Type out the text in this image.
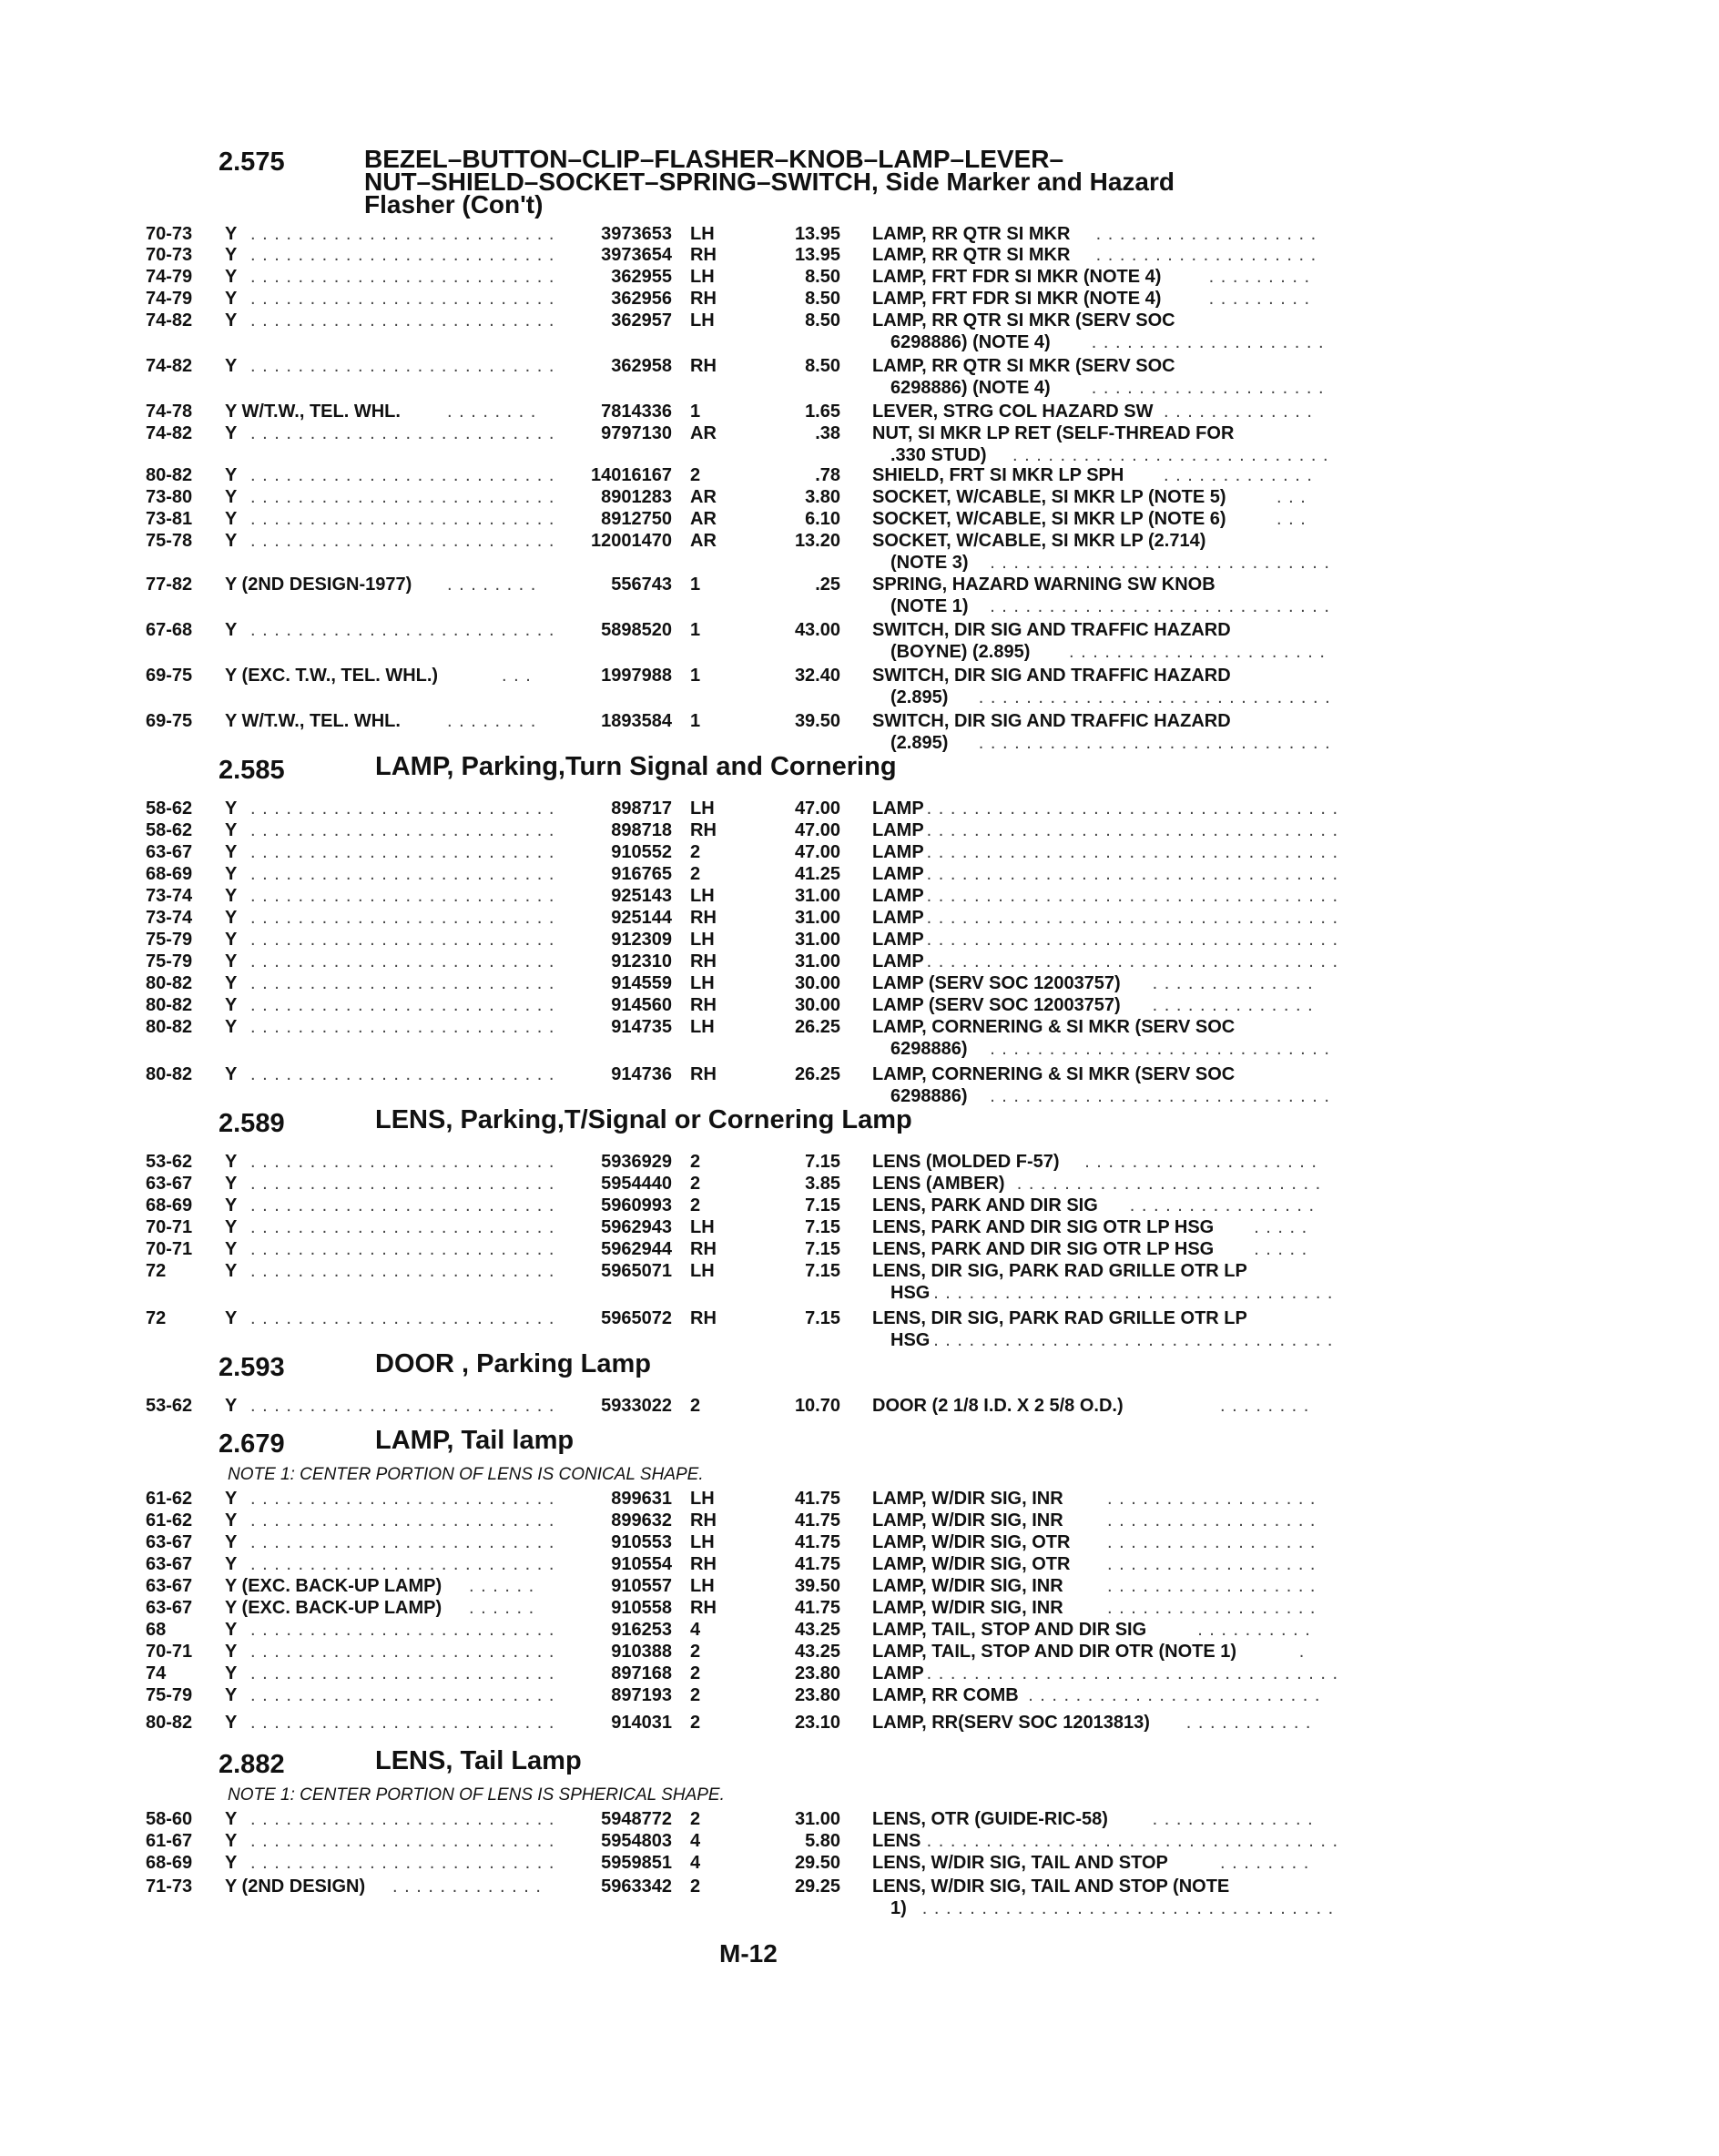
2.575	BEZEL–BUTTON–CLIP–FLASHER–KNOB–LAMP–LEVER–
NUT–SHIELD–SOCKET–SPRING–SWITCH, Side Marker and Hazard
Flasher (Con't)
70-73 Y . . . . . . . . . . . . . . . . . . . . . . . . . .	3973653 LH	13.95 LAMP, RR QTR SI MKR . . . . . . . . . . . . . . . . . . .
70-73 Y . . . . . . . . . . . . . . . . . . . . . . . . . .	3973654 RH	13.95 LAMP, RR QTR SI MKR . . . . . . . . . . . . . . . . . . .
74-79 Y . . . . . . . . . . . . . . . . . . . . . . . . . .	362955 LH	8.50 LAMP, FRT FDR SI MKR (NOTE 4)	. . . . . . . . .
74-79 Y . . . . . . . . . . . . . . . . . . . . . . . . . .	362956 RH	8.50 LAMP, FRT FDR SI MKR (NOTE 4)	. . . . . . . . .
74-82 Y . . . . . . . . . . . . . . . . . . . . . . . . . .	362957 LH	8.50 LAMP, RR QTR SI MKR (SERV SOC
6298886) (NOTE 4) . . . . . . . . . . . . . . . . . . . .
74-82 Y . . . . . . . . . . . . . . . . . . . . . . . . . .	362958 RH	8.50 LAMP, RR QTR SI MKR (SERV SOC
6298886) (NOTE 4) . . . . . . . . . . . . . . . . . . . .
74-78 Y W/T.W., TEL. WHL.	. . . . . . . .	7814336 1	1.65 LEVER, STRG COL HAZARD SW . . . . . . . . . . . . .
74-82 Y . . . . . . . . . . . . . . . . . . . . . . . . . .	9797130 AR	.38 NUT, SI MKR LP RET (SELF-THREAD FOR
.330 STUD) . . . . . . . . . . . . . . . . . . . . . . . . . . .
80-82 Y . . . . . . . . . . . . . . . . . . . . . . . . . . 14016167 2	.78 SHIELD, FRT SI MKR LP SPH . . . . . . . . . . . . .
73-80 Y . . . . . . . . . . . . . . . . . . . . . . . . . .	8901283 AR	3.80 SOCKET, W/CABLE, SI MKR LP (NOTE 5)	. . .
73-81 Y . . . . . . . . . . . . . . . . . . . . . . . . . .	8912750 AR	6.10 SOCKET, W/CABLE, SI MKR LP (NOTE 6)	. . .
75-78 Y . . . . . . . . . . . . . . . . . . . . . . . . . . 12001470 AR	13.20 SOCKET, W/CABLE, SI MKR LP (2.714)
(NOTE 3) . . . . . . . . . . . . . . . . . . . . . . . . . . . . .
77-82 Y (2ND DESIGN-1977) . . . . . . . .	556743 1	.25 SPRING, HAZARD WARNING SW KNOB
(NOTE 1) . . . . . . . . . . . . . . . . . . . . . . . . . . . . .
67-68 Y . . . . . . . . . . . . . . . . . . . . . . . . . .	5898520 1	43.00 SWITCH, DIR SIG AND TRAFFIC HAZARD
(BOYNE) (2.895) . . . . . . . . . . . . . . . . . . . . . .
69-75 Y (EXC. T.W., TEL. WHL.)	. . .	1997988 1	32.40 SWITCH, DIR SIG AND TRAFFIC HAZARD
(2.895) . . . . . . . . . . . . . . . . . . . . . . . . . . . . . .
69-75 Y W/T.W., TEL. WHL.	. . . . . . . .	1893584 1	39.50 SWITCH, DIR SIG AND TRAFFIC HAZARD
(2.895) . . . . . . . . . . . . . . . . . . . . . . . . . . . . . .
2.585	LAMP, Parking,Turn Signal and Cornering
58-62 Y . . . . . . . . . . . . . . . . . . . . . . . . . .	898717 LH	47.00 LAMP . . . . . . . . . . . . . . . . . . . . . . . . . . . . . . . . . . .
58-62 Y . . . . . . . . . . . . . . . . . . . . . . . . . .	898718 RH	47.00 LAMP . . . . . . . . . . . . . . . . . . . . . . . . . . . . . . . . . . .
63-67 Y . . . . . . . . . . . . . . . . . . . . . . . . . .	910552 2	47.00 LAMP . . . . . . . . . . . . . . . . . . . . . . . . . . . . . . . . . . .
68-69 Y . . . . . . . . . . . . . . . . . . . . . . . . . .	916765 2	41.25 LAMP . . . . . . . . . . . . . . . . . . . . . . . . . . . . . . . . . . .
73-74 Y . . . . . . . . . . . . . . . . . . . . . . . . . .	925143 LH	31.00 LAMP . . . . . . . . . . . . . . . . . . . . . . . . . . . . . . . . . . .
73-74 Y . . . . . . . . . . . . . . . . . . . . . . . . . .	925144 RH	31.00 LAMP . . . . . . . . . . . . . . . . . . . . . . . . . . . . . . . . . . .
75-79 Y . . . . . . . . . . . . . . . . . . . . . . . . . .	912309 LH	31.00 LAMP . . . . . . . . . . . . . . . . . . . . . . . . . . . . . . . . . . .
75-79 Y . . . . . . . . . . . . . . . . . . . . . . . . . .	912310 RH	31.00 LAMP . . . . . . . . . . . . . . . . . . . . . . . . . . . . . . . . . . .
80-82 Y . . . . . . . . . . . . . . . . . . . . . . . . . .	914559 LH	30.00 LAMP (SERV SOC 12003757) . . . . . . . . . . . . . .
80-82 Y . . . . . . . . . . . . . . . . . . . . . . . . . .	914560 RH	30.00 LAMP (SERV SOC 12003757) . . . . . . . . . . . . . .
80-82 Y . . . . . . . . . . . . . . . . . . . . . . . . . .	914735 LH	26.25 LAMP, CORNERING & SI MKR (SERV SOC
6298886) . . . . . . . . . . . . . . . . . . . . . . . . . . . . .
80-82 Y . . . . . . . . . . . . . . . . . . . . . . . . . .	914736 RH	26.25 LAMP, CORNERING & SI MKR (SERV SOC
6298886) . . . . . . . . . . . . . . . . . . . . . . . . . . . . .
2.589	LENS, Parking,T/Signal or Cornering Lamp
53-62 Y . . . . . . . . . . . . . . . . . . . . . . . . . .	5936929 2	7.15 LENS (MOLDED F-57) . . . . . . . . . . . . . . . . . . . .
63-67 Y . . . . . . . . . . . . . . . . . . . . . . . . . .	5954440 2	3.85 LENS (AMBER) . . . . . . . . . . . . . . . . . . . . . . . . . .
68-69 Y . . . . . . . . . . . . . . . . . . . . . . . . . .	5960993 2	7.15 LENS, PARK AND DIR SIG . . . . . . . . . . . . . . . .
70-71 Y . . . . . . . . . . . . . . . . . . . . . . . . . .	5962943 LH	7.15 LENS, PARK AND DIR SIG OTR LP HSG . . . . .
70-71 Y . . . . . . . . . . . . . . . . . . . . . . . . . .	5962944 RH	7.15 LENS, PARK AND DIR SIG OTR LP HSG . . . . .
72	Y . . . . . . . . . . . . . . . . . . . . . . . . . .	5965071 LH	7.15 LENS, DIR SIG, PARK RAD GRILLE OTR LP
HSG . . . . . . . . . . . . . . . . . . . . . . . . . . . . . . . . . .
72	Y . . . . . . . . . . . . . . . . . . . . . . . . . .	5965072 RH	7.15 LENS, DIR SIG, PARK RAD GRILLE OTR LP
HSG . . . . . . . . . . . . . . . . . . . . . . . . . . . . . . . . . .
2.593	DOOR , Parking Lamp
53-62 Y . . . . . . . . . . . . . . . . . . . . . . . . . .	5933022 2	10.70 DOOR (2 1/8 I.D. X 2 5/8 O.D.)	. . . . . . . .
2.679	LAMP, Tail lamp
NOTE 1: CENTER PORTION OF LENS IS CONICAL SHAPE.
61-62 Y . . . . . . . . . . . . . . . . . . . . . . . . . .	899631 LH	41.75 LAMP, W/DIR SIG, INR . . . . . . . . . . . . . . . . . .
61-62 Y . . . . . . . . . . . . . . . . . . . . . . . . . .	899632 RH	41.75 LAMP, W/DIR SIG, INR . . . . . . . . . . . . . . . . . .
63-67 Y . . . . . . . . . . . . . . . . . . . . . . . . . .	910553 LH	41.75 LAMP, W/DIR SIG, OTR . . . . . . . . . . . . . . . . . .
63-67 Y . . . . . . . . . . . . . . . . . . . . . . . . . .	910554 RH	41.75 LAMP, W/DIR SIG, OTR . . . . . . . . . . . . . . . . . .
63-67 Y (EXC. BACK-UP LAMP) . . . . . .	910557 LH	39.50 LAMP, W/DIR SIG, INR . . . . . . . . . . . . . . . . . .
63-67 Y (EXC. BACK-UP LAMP) . . . . . .	910558 RH	41.75 LAMP, W/DIR SIG, INR . . . . . . . . . . . . . . . . . .
68	Y . . . . . . . . . . . . . . . . . . . . . . . . . .	916253 4	43.25 LAMP, TAIL, STOP AND DIR SIG	. . . . . . . . . .
70-71 Y . . . . . . . . . . . . . . . . . . . . . . . . . .	910388 2	43.25 LAMP, TAIL, STOP AND DIR OTR (NOTE 1)	.
74	Y . . . . . . . . . . . . . . . . . . . . . . . . . .	897168 2	23.80 LAMP . . . . . . . . . . . . . . . . . . . . . . . . . . . . . . . . . . .
75-79 Y . . . . . . . . . . . . . . . . . . . . . . . . . .	897193 2	23.80 LAMP, RR COMB . . . . . . . . . . . . . . . . . . . . . . . . .
80-82 Y . . . . . . . . . . . . . . . . . . . . . . . . . .	914031 2	23.10 LAMP, RR(SERV SOC 12013813) . . . . . . . . . . .
2.882	LENS, Tail Lamp
NOTE 1: CENTER PORTION OF LENS IS SPHERICAL SHAPE.
58-60 Y . . . . . . . . . . . . . . . . . . . . . . . . . .	5948772 2	31.00 LENS, OTR (GUIDE-RIC-58) . . . . . . . . . . . . . .
61-67 Y . . . . . . . . . . . . . . . . . . . . . . . . . .	5954803 4	5.80 LENS . . . . . . . . . . . . . . . . . . . . . . . . . . . . . . . . . . .
68-69 Y . . . . . . . . . . . . . . . . . . . . . . . . . .	5959851 4	29.50 LENS, W/DIR SIG, TAIL AND STOP	. . . . . . . .
71-73 Y (2ND DESIGN) . . . . . . . . . . . . .	5963342 2	29.25 LENS, W/DIR SIG, TAIL AND STOP (NOTE
1) . . . . . . . . . . . . . . . . . . . . . . . . . . . . . . . . . . .
M-12
